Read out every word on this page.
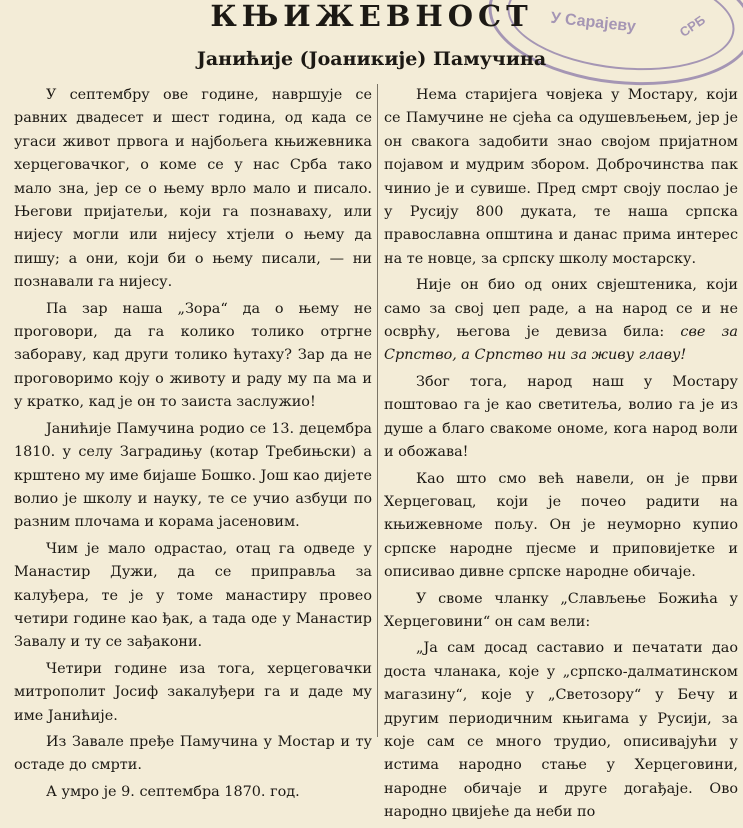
У Сарајеву	СРБ
КЊИЖЕВНОСТ
Јанићије (Јоаникије) Памучина

У септембру ове године, навршује се равних двадесет и шест година, од када се угаси живот првога и најбољега књижевника херцеговачког, о коме се у нас Срба тако мало зна, јер се о њему врло мало и писало. Његови пријатељи, који га познаваху, или нијесу могли или нијесу хтјели о њему да пишу; а они, који би о њему писали, — ни познавали га нијесу.

Па зар наша „Зора“ да о њему не проговори, да га колико толико отргне забораву, кад други толико ћутаху? Зар да не проговоримо коју о животу и раду му па ма и у кратко, кад је он то заиста заслужио!

Јанићије Памучина родио се 13. децембра 1810. у селу Заградињу (котар Требињски) а крштено му име бијаше Бошко. Још као дијете волио је школу и науку, те се учио азбуци по разним плочама и корама јасеновим.

Чим је мало одрастао, отац га одведе у Манастир Дужи, да се приправља за калуђера, те је у томе манастиру провео четири године као ђак, а тада оде у Манастир Завалу и ту се зађакони.

Четири године иза тога, херцеговачки митрополит Јосиф закалуђери га и даде му име Јанићије.

Из Завале пређе Памучина у Мостар и ту остаде до смрти.

А умро је 9. септембра 1870. год.

Нема старијега човјека у Мостару, који се Памучине не сјећа са одушевљењем, јер је он свакога задобити знао својом пријатном појавом и мудрим збором. Доброчинства пак чинио је и сувише. Пред смрт своју послао је у Русију 800 дуката, те наша српска православна општина и данас прима интерес на те новце, за српску школу мостарску.

Није он био од оних свјештеника, који само за свој џеп раде, а на народ се и не осврћу, његова је девиза била: све за Српство, а Српство ни за живу главу!

Због тога, народ наш у Мостару поштовао га је као светитеља, волио га је из душе а благо свакоме ономе, кога народ воли и обожава!

Као што смо већ навели, он је први Херцеговац, који је почео радити на књижевноме пољу. Он је неуморно купио српске народне пјесме и приповијетке и описивао дивне српске народне обичаје.

У своме чланку „Слављење Божића у Херцеговини“ он сам вели:

„Ја сам досад саставио и печатати дао доста чланака, које у „српско-далматинском магазину“, које у „Светозору“ у Бечу и другим периодичним књигама у Русији, за које сам се много трудио, описивајући у истима народно стање у Херцеговини, народне обичаје и друге догађаје. Ово народно цвијеће да неби по
